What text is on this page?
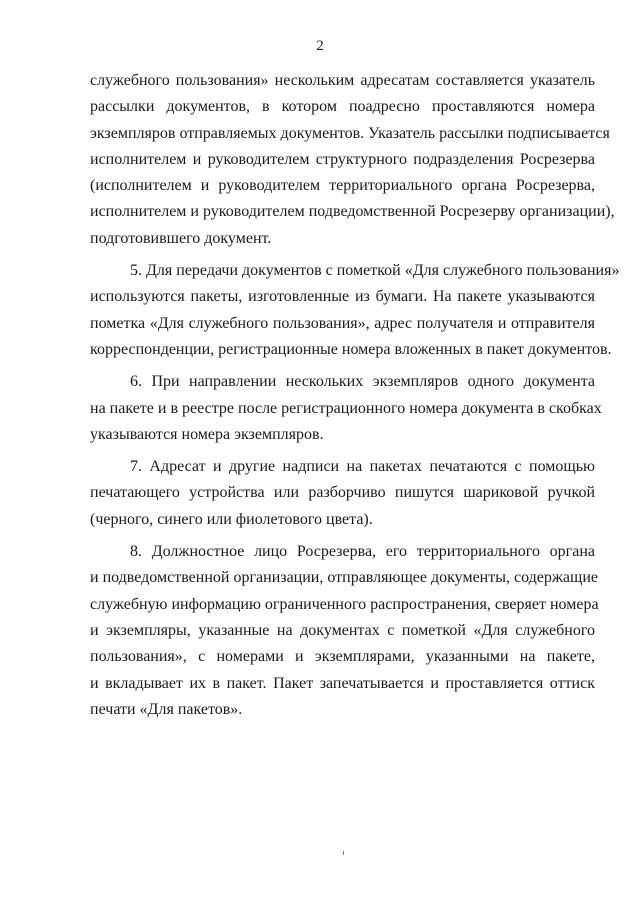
2
служебного пользования» нескольким адресатам составляется указатель
рассылки документов, в котором поадресно проставляются номера
экземпляров отправляемых документов. Указатель рассылки подписывается
исполнителем и руководителем структурного подразделения Росрезерва
(исполнителем и руководителем территориального органа Росрезерва,
исполнителем и руководителем подведомственной Росрезерву организации),
подготовившего документ.
5. Для передачи документов с пометкой «Для служебного пользования»
используются пакеты, изготовленные из бумаги. На пакете указываются
пометка «Для служебного пользования», адрес получателя и отправителя
корреспонденции, регистрационные номера вложенных в пакет документов.
6. При направлении нескольких экземпляров одного документа
на пакете и в реестре после регистрационного номера документа в скобках
указываются номера экземпляров.
7. Адресат и другие надписи на пакетах печатаются с помощью
печатающего устройства или разборчиво пишутся шариковой ручкой
(черного, синего или фиолетового цвета).
8. Должностное лицо Росрезерва, его территориального органа
и подведомственной организации, отправляющее документы, содержащие
служебную информацию ограниченного распространения, сверяет номера
и экземпляры, указанные на документах с пометкой «Для служебного
пользования», с номерами и экземплярами, указанными на пакете,
и вкладывает их в пакет. Пакет запечатывается и проставляется оттиск
печати «Для пакетов».
